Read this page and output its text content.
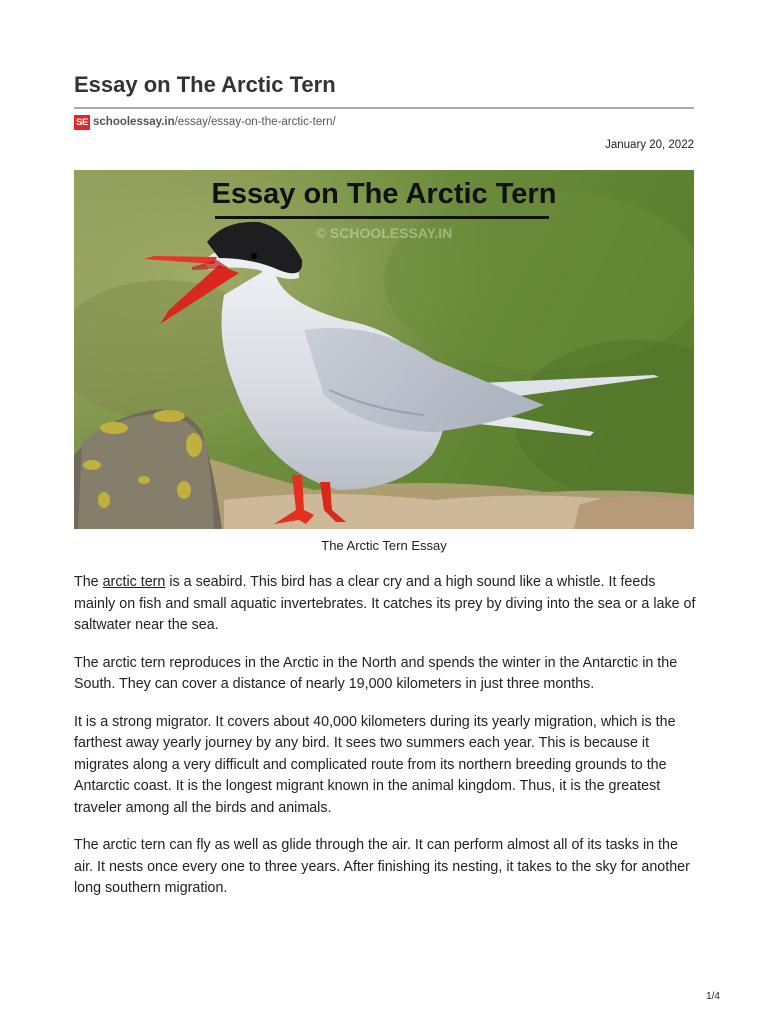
Essay on The Arctic Tern
SE schoolessay.in/essay/essay-on-the-arctic-tern/
January 20, 2022
Essay on The Arctic Tern
© SCHOOLESSAY.IN
The Arctic Tern Essay

The arctic tern is a seabird. This bird has a clear cry and a high sound like a whistle. It feeds mainly on fish and small aquatic invertebrates. It catches its prey by diving into the sea or a lake of saltwater near the sea.

The arctic tern reproduces in the Arctic in the North and spends the winter in the Antarctic in the South. They can cover a distance of nearly 19,000 kilometers in just three months.

It is a strong migrator. It covers about 40,000 kilometers during its yearly migration, which is the farthest away yearly journey by any bird. It sees two summers each year. This is because it migrates along a very difficult and complicated route from its northern breeding grounds to the Antarctic coast. It is the longest migrant known in the animal kingdom. Thus, it is the greatest traveler among all the birds and animals.

The arctic tern can fly as well as glide through the air. It can perform almost all of its tasks in the air. It nests once every one to three years. After finishing its nesting, it takes to the sky for another long southern migration.

1/4
